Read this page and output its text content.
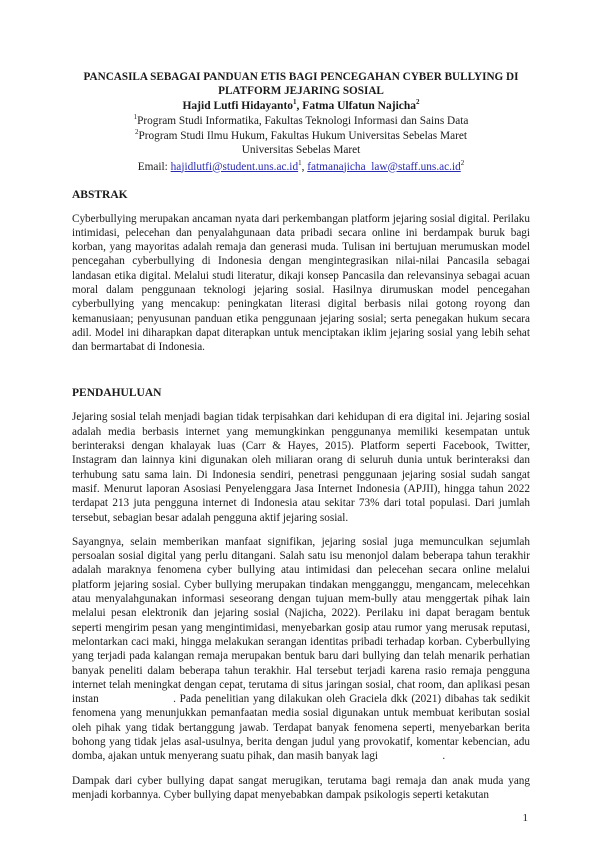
PANCASILA SEBAGAI PANDUAN ETIS BAGI PENCEGAHAN CYBER BULLYING DI
PLATFORM JEJARING SOSIAL
Hajid Lutfi Hidayanto$^1$, Fatma Ulfatun Najicha$^2$
$^1$Program Studi Informatika, Fakultas Teknologi Informasi dan Sains Data
$^2$Program Studi Ilmu Hukum, Fakultas Hukum Universitas Sebelas Maret
Universitas Sebelas Maret
Email: $hajidlutfi@student.uns.ac.id^1$, $fatmanajicha\_law@staff.uns.ac.id^2$
ABSTRAK

Cyberbullying merupakan ancaman nyata dari perkembangan platform jejaring sosial digital. Perilaku intimidasi, pelecehan dan penyalahgunaan data pribadi secara online ini berdampak buruk bagi korban, yang mayoritas adalah remaja dan generasi muda. Tulisan ini bertujuan merumuskan model pencegahan cyberbullying di Indonesia dengan mengintegrasikan nilai-nilai Pancasila sebagai landasan etika digital. Melalui studi literatur, dikaji konsep Pancasila dan relevansinya sebagai acuan moral dalam penggunaan teknologi jejaring sosial. Hasilnya dirumuskan model pencegahan cyberbullying yang mencakup: peningkatan literasi digital berbasis nilai gotong royong dan kemanusiaan; penyusunan panduan etika penggunaan jejaring sosial; serta penegakan hukum secara adil. Model ini diharapkan dapat diterapkan untuk menciptakan iklim jejaring sosial yang lebih sehat dan bermartabat di Indonesia.

PENDAHULUAN

Jejaring sosial telah menjadi bagian tidak terpisahkan dari kehidupan di era digital ini. Jejaring sosial adalah media berbasis internet yang memungkinkan penggunanya memiliki kesempatan untuk berinteraksi dengan khalayak luas (Carr & Hayes, 2015). Platform seperti Facebook, Twitter, Instagram dan lainnya kini digunakan oleh miliaran orang di seluruh dunia untuk berinteraksi dan terhubung satu sama lain. Di Indonesia sendiri, penetrasi penggunaan jejaring sosial sudah sangat masif. Menurut laporan Asosiasi Penyelenggara Jasa Internet Indonesia (APJII), hingga tahun 2022 terdapat 213 juta pengguna internet di Indonesia atau sekitar 73% dari total populasi. Dari jumlah tersebut, sebagian besar adalah pengguna aktif jejaring sosial.

Sayangnya, selain memberikan manfaat signifikan, jejaring sosial juga memunculkan sejumlah persoalan sosial digital yang perlu ditangani. Salah satu isu menonjol dalam beberapa tahun terakhir adalah maraknya fenomena cyber bullying atau intimidasi dan pelecehan secara online melalui platform jejaring sosial. Cyber bullying merupakan tindakan mengganggu, mengancam, melecehkan atau menyalahgunakan informasi seseorang dengan tujuan mem-bully atau menggertak pihak lain melalui pesan elektronik dan jejaring sosial (Najicha, 2022). Perilaku ini dapat beragam bentuk seperti mengirim pesan yang mengintimidasi, menyebarkan gosip atau rumor yang merusak reputasi, melontarkan caci maki, hingga melakukan serangan identitas pribadi terhadap korban. Cyberbullying yang terjadi pada kalangan remaja merupakan bentuk baru dari bullying dan telah menarik perhatian banyak peneliti dalam beberapa tahun terakhir. Hal tersebut terjadi karena rasio remaja pengguna internet telah meningkat dengan cepat, terutama di situs jaringan sosial, chat room, dan aplikasi pesan instan                    . Pada penelitian yang dilakukan oleh Graciela dkk (2021) dibahas tak sedikit fenomena yang menunjukkan pemanfaatan media sosial digunakan untuk membuat keributan sosial oleh pihak yang tidak bertanggung jawab. Terdapat banyak fenomena seperti, menyebarkan berita bohong yang tidak jelas asal-usulnya, berita dengan judul yang provokatif, komentar kebencian, adu domba, ajakan untuk menyerang suatu pihak, dan masih banyak lagi                       .

Dampak dari cyber bullying dapat sangat merugikan, terutama bagi remaja dan anak muda yang menjadi korbannya. Cyber bullying dapat menyebabkan dampak psikologis seperti ketakutan

1
